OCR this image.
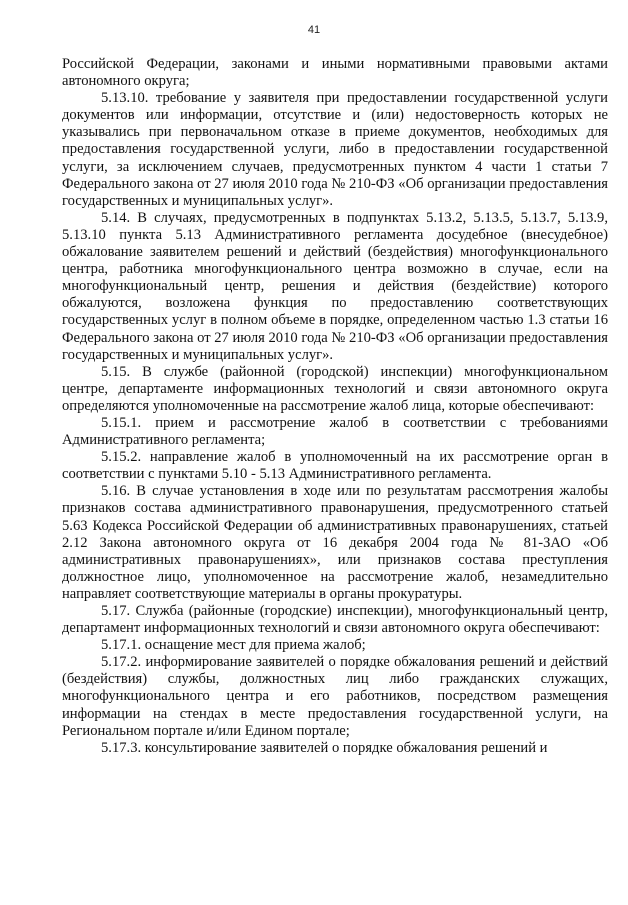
41

Российской Федерации, законами и иными нормативными правовыми актами автономного округа;

5.13.10. требование у заявителя при предоставлении государственной услуги документов или информации, отсутствие и (или) недостоверность которых не указывались при первоначальном отказе в приеме документов, необходимых для предоставления государственной услуги, либо в предоставлении государственной услуги, за исключением случаев, предусмотренных пунктом 4 части 1 статьи 7 Федерального закона от 27 июля 2010 года № 210-ФЗ «Об организации предоставления государственных и муниципальных услуг».

5.14. В случаях, предусмотренных в подпунктах 5.13.2, 5.13.5, 5.13.7, 5.13.9, 5.13.10 пункта 5.13 Административного регламента досудебное (внесудебное) обжалование заявителем решений и действий (бездействия) многофункционального центра, работника многофункционального центра возможно в случае, если на многофункциональный центр, решения и действия (бездействие) которого обжалуются, возложена функция по предоставлению соответствующих государственных услуг в полном объеме в порядке, определенном частью 1.3 статьи 16 Федерального закона от 27 июля 2010 года № 210-ФЗ «Об организации предоставления государственных и муниципальных услуг».

5.15. В службе (районной (городской) инспекции) многофункциональном центре, департаменте информационных технологий и связи автономного округа определяются уполномоченные на рассмотрение жалоб лица, которые обеспечивают:

5.15.1. прием и рассмотрение жалоб в соответствии с требованиями Административного регламента;

5.15.2. направление жалоб в уполномоченный на их рассмотрение орган в соответствии с пунктами 5.10 - 5.13 Административного регламента.

5.16. В случае установления в ходе или по результатам рассмотрения жалобы признаков состава административного правонарушения, предусмотренного статьей 5.63 Кодекса Российской Федерации об административных правонарушениях, статьей 2.12 Закона автономного округа от 16 декабря 2004 года № 81-ЗАО «Об административных правонарушениях», или признаков состава преступления должностное лицо, уполномоченное на рассмотрение жалоб, незамедлительно направляет соответствующие материалы в органы прокуратуры.

5.17. Служба (районные (городские) инспекции), многофункциональный центр, департамент информационных технологий и связи автономного округа обеспечивают:

5.17.1. оснащение мест для приема жалоб;

5.17.2. информирование заявителей о порядке обжалования решений и действий (бездействия) службы, должностных лиц либо гражданских служащих, многофункционального центра и его работников, посредством размещения информации на стендах в месте предоставления государственной услуги, на Региональном портале и/или Едином портале;

5.17.3. консультирование заявителей о порядке обжалования решений и
